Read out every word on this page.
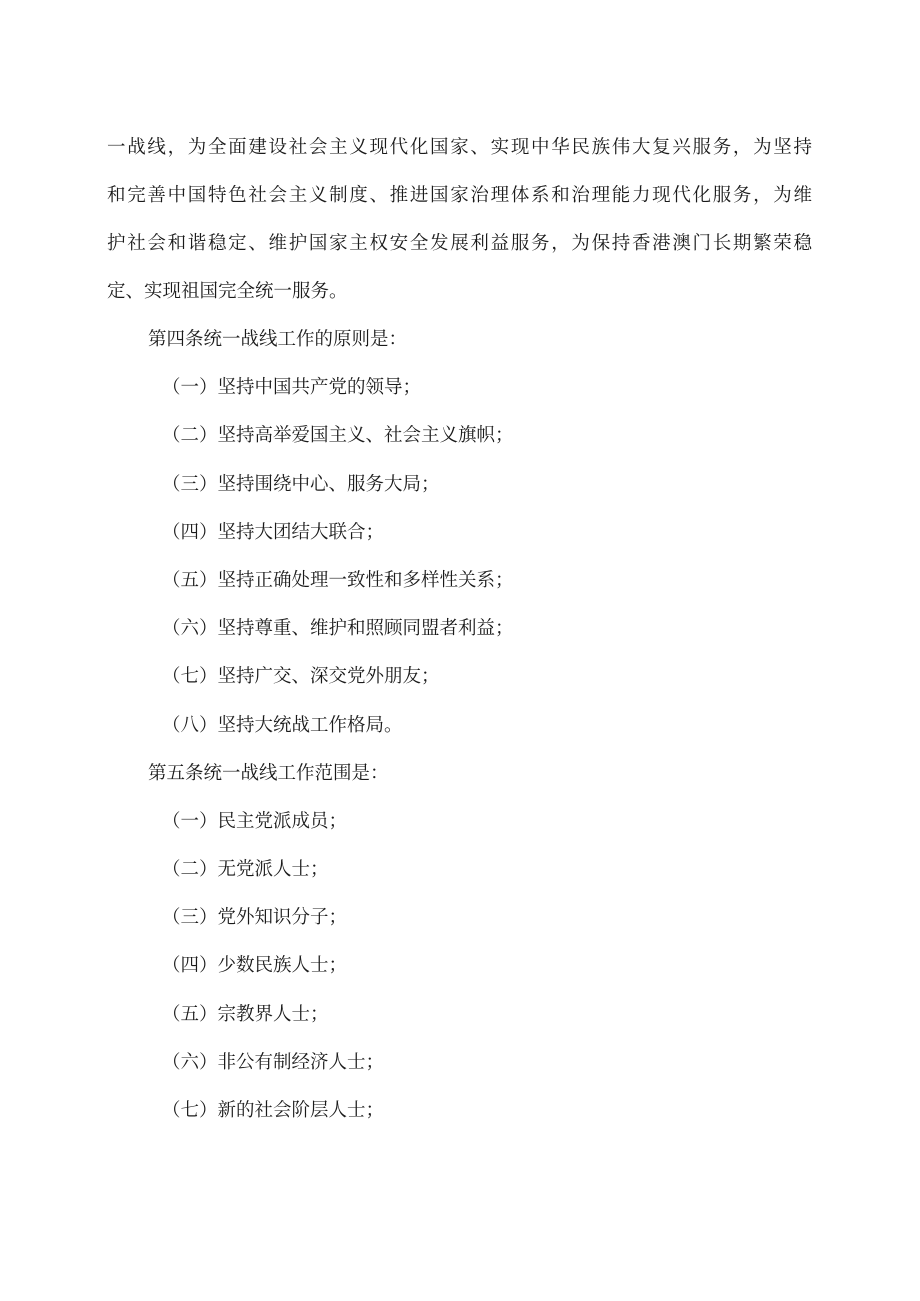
一战线，为全面建设社会主义现代化国家、实现中华民族伟大复兴服务，为坚持
和完善中国特色社会主义制度、推进国家治理体系和治理能力现代化服务，为维
护社会和谐稳定、维护国家主权安全发展利益服务，为保持香港澳门长期繁荣稳
定、实现祖国完全统一服务。
第四条统一战线工作的原则是：
（一）坚持中国共产党的领导；
（二）坚持高举爱国主义、社会主义旗帜；
（三）坚持围绕中心、服务大局；
（四）坚持大团结大联合；
（五）坚持正确处理一致性和多样性关系；
（六）坚持尊重、维护和照顾同盟者利益；
（七）坚持广交、深交党外朋友；
（八）坚持大统战工作格局。
第五条统一战线工作范围是：
（一）民主党派成员；
（二）无党派人士；
（三）党外知识分子；
（四）少数民族人士；
（五）宗教界人士；
（六）非公有制经济人士；
（七）新的社会阶层人士；
